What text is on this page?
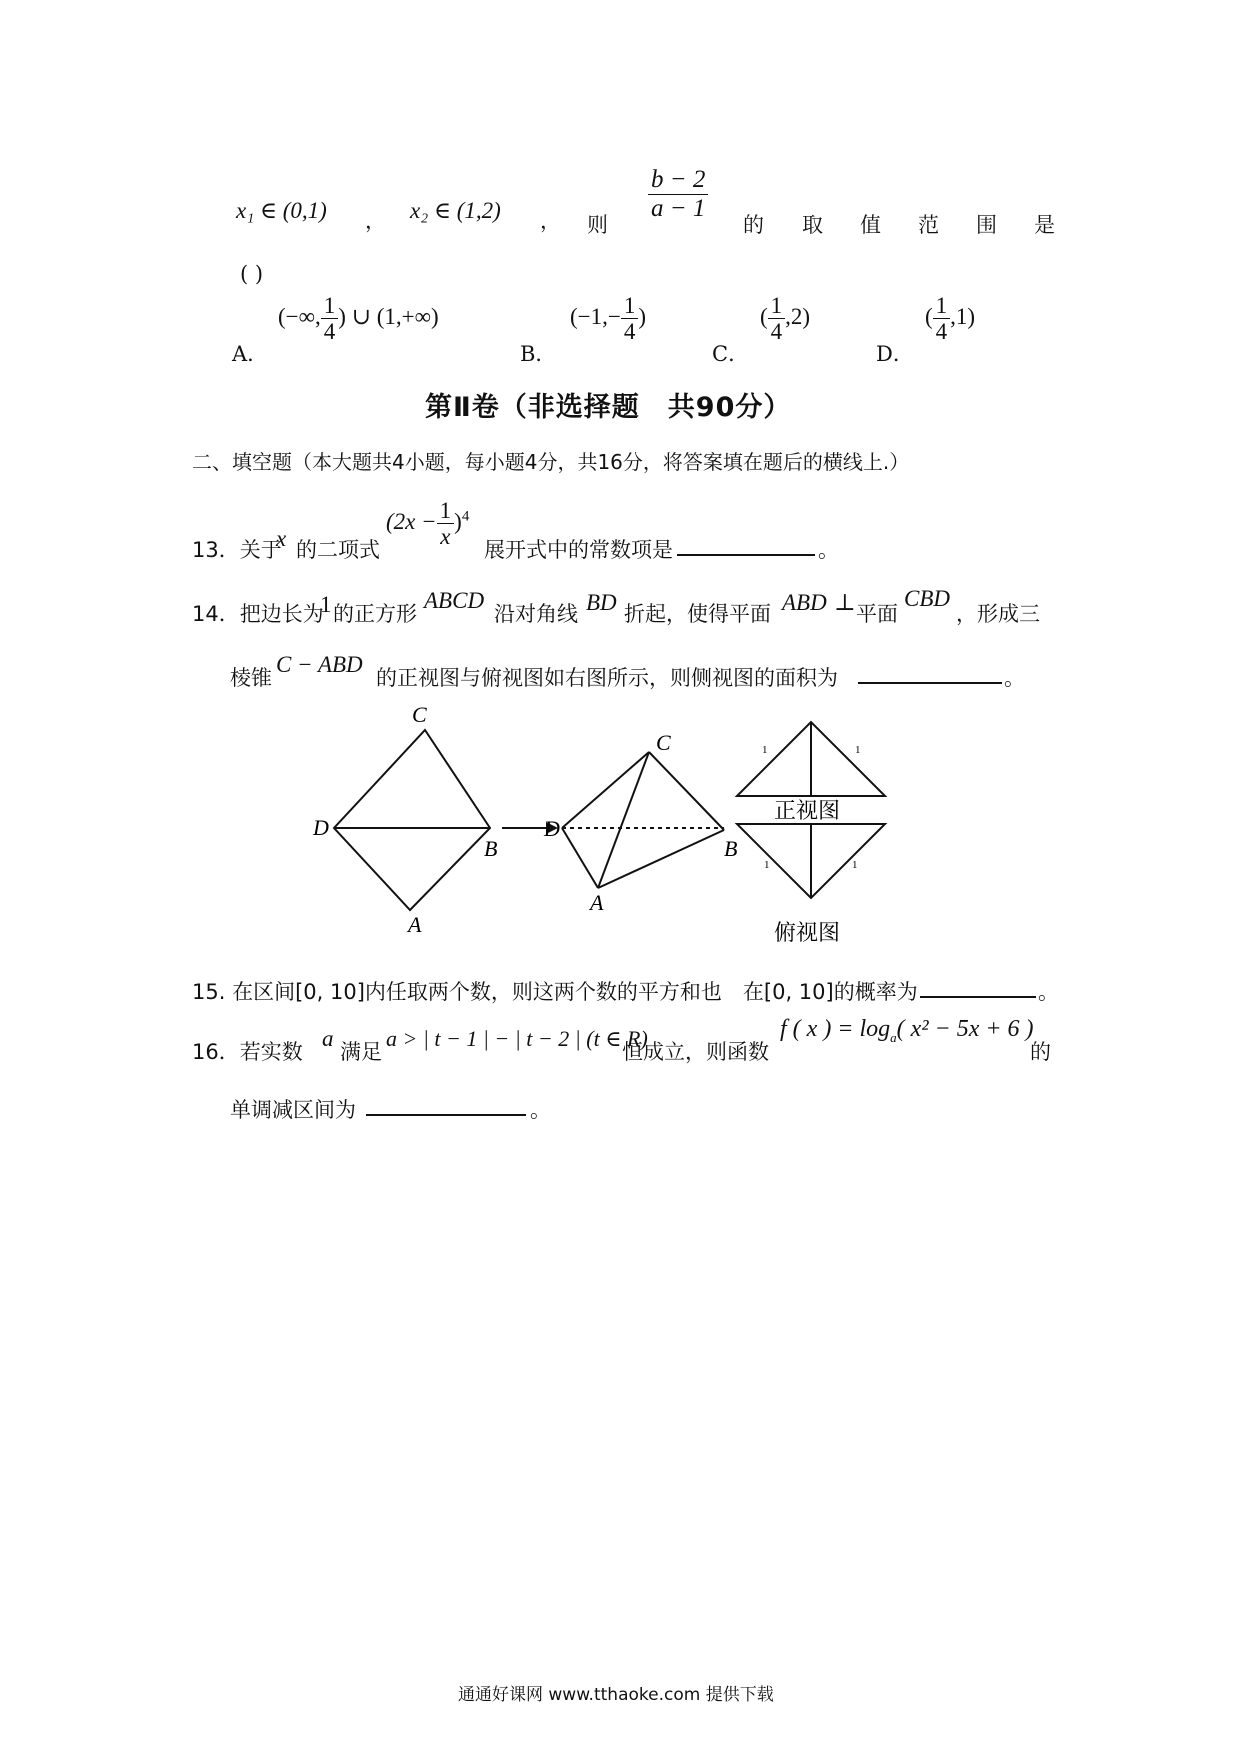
x₁ ∈ (0,1) ， x₂ ∈ (1,2) ， 则
$\frac{b - 2}{a - 1}$
的 取 值 范 围 是
( )
A．
(−∞, $\frac{1}{4}$ ) ∪ (1,+∞)
B．
($-1,- \frac{1}{4}$ )
C．
( $\frac{1}{4} ,2$)
D．
( $\frac{1}{4} ,1$)
第Ⅱ卷（非选择题　共90分）
二、填空题（本大题共4小题，每小题4分，共16分，将答案填在题后的横线上.）
13．关于
x 的二项式
$(2x - \frac{1}{x} )^4$
展开式中的常数项是	。
14．把边长为
1 的正方形
ABCD
沿对角线 BD 折起，使得平面 ABD ⊥ 平面
CBD
，形成三
棱锥
C − ABD
的正视图与俯视图如右图所示，则侧视图的面积为	。
C
D
B
A
C
D
B
A
1	1
正视图
1	1
俯视图
15. 在区间[0, 10]内任取两个数，则这两个数的平方和也　在[0, 10]的概率为	。
16．若实数
a
满足
a > | t − 1 | − | t − 2 | (t ∈ R)
恒成立，则函数
f ( x ) = $\log_a$( x² − 5x + 6 )
的
单调减区间为	。
通通好课网 www.tthaoke.com 提供下载
